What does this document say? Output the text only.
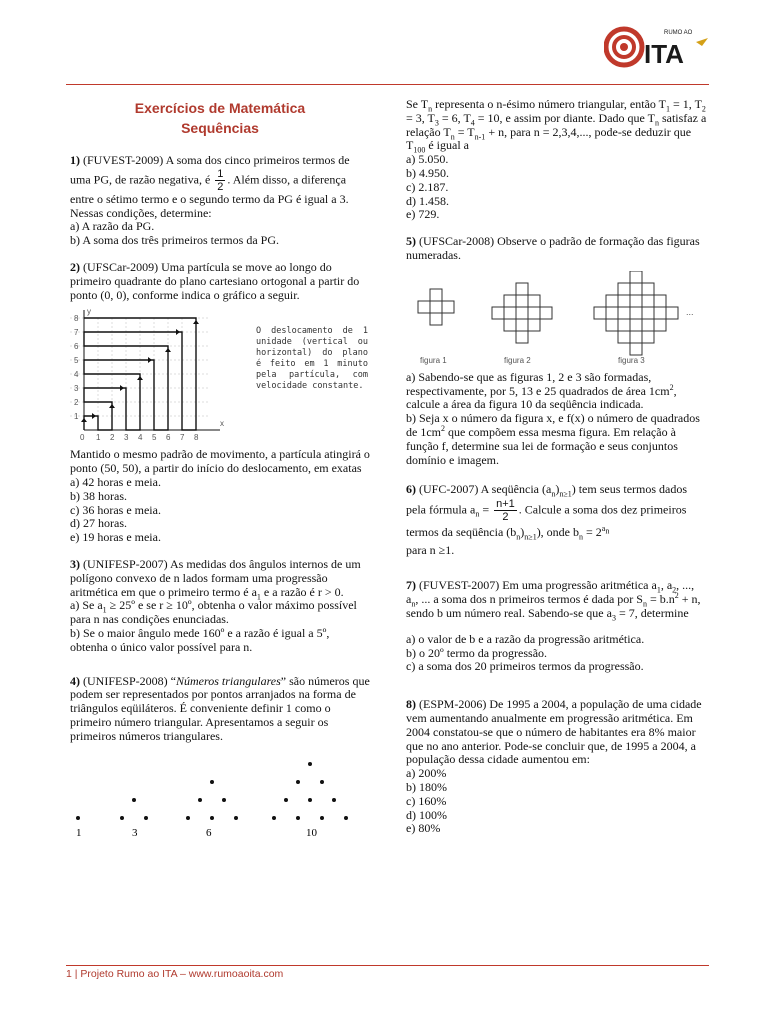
ITA
RUMO AO
Exercícios de Matemática
Sequências

1) (FUVEST-2009) A soma dos cinco primeiros termos de uma PG, de razão negativa, é $\frac{1}{2}$ . Além disso, a diferença entre o sétimo termo e o segundo termo da PG é igual a 3.

Nessas condições, determine:

a) A razão da PG.

b) A soma dos três primeiros termos da PG.

2) (UFSCar-2009) Uma partícula se move ao longo do primeiro quadrante do plano cartesiano ortogonal a partir do ponto (0, 0), conforme indica o gráfico a seguir.

y
x
0 1 2 3 4 5 6 7 8
1
2
3
4
5
6
7
8
O deslocamento de 1 unidade (vertical ou horizontal) do plano é feito em 1 minuto pela partícula, com velocidade constante.

Mantido o mesmo padrão de movimento, a partícula atingirá o ponto (50, 50), a partir do início do deslocamento, em exatas

a) 42 horas e meia.

b) 38 horas.

c) 36 horas e meia.

d) 27 horas.

e) 19 horas e meia.

3) (UNIFESP-2007) As medidas dos ângulos internos de um polígono convexo de n lados formam uma progressão aritmética em que o primeiro termo é $a_1$ e a razão é r > 0.

a) Se $a_1$ ≥ 25º e se r ≥ 10º, obtenha o valor máximo possível para n nas condições enunciadas.

b) Se o maior ângulo mede 160º e a razão é igual a 5º, obtenha o único valor possível para n.

4) (UNIFESP-2008) “Números triangulares” são números que podem ser representados por pontos arranjados na forma de triângulos eqüiláteros. É conveniente definir 1 como o primeiro número triangular. Apresentamos a seguir os primeiros números triangulares.

1	3	6	10

Se $T_n$ representa o n-ésimo número triangular, então $T_1 = 1$, $T_2 = 3$, $T_3 = 6$, $T_4 = 10$, e assim por diante. Dado que $T_n$ satisfaz a relação $T_n = T_{n-1} + n$, para n = 2,3,4,..., pode-se deduzir que $T_{100}$ é igual a

a) 5.050.

b) 4.950.

c) 2.187.

d) 1.458.

e) 729.

5) (UFSCar-2008) Observe o padrão de formação das figuras numeradas.

...
figura 1	figura 2	figura 3

a) Sabendo-se que as figuras 1, 2 e 3 são formadas, respectivamente, por 5, 13 e 25 quadrados de área $1cm^2$, calcule a área da figura 10 da seqüência indicada.

b) Seja x o número da figura x, e f(x) o número de quadrados de $1cm^2$ que compõem essa mesma figura. Em relação à função f, determine sua lei de formação e seus conjuntos domínio e imagem.

6) (UFC-2007) A seqüência $(a_n)_{n\ge 1}$) tem seus termos dados pela fórmula $a_n = \frac{n+1}{2}$ . Calcule a soma dos dez primeiros termos da seqüência $(b_n)_{n\ge 1}$), onde $b_n = 2^{a_n}$

para n ≥1.

7) (FUVEST-2007) Em uma progressão aritmética $a_1$, $a_2$, ..., $a_n$, ... a soma dos n primeiros termos é dada por $S_n = b.n^2 + n$, sendo b um número real. Sabendo-se que $a_3 = 7$, determine

a) o valor de b e a razão da progressão aritmética.

b) o 20º termo da progressão.

c) a soma dos 20 primeiros termos da progressão.

8) (ESPM-2006) De 1995 a 2004, a população de uma cidade vem aumentando anualmente em progressão aritmética. Em 2004 constatou-se que o número de habitantes era 8% maior que no ano anterior. Pode-se concluir que, de 1995 a 2004, a população dessa cidade aumentou em:

a) 200%

b) 180%

c) 160%

d) 100%

e) 80%

1 | Projeto Rumo ao ITA – www.rumoaoita.com
